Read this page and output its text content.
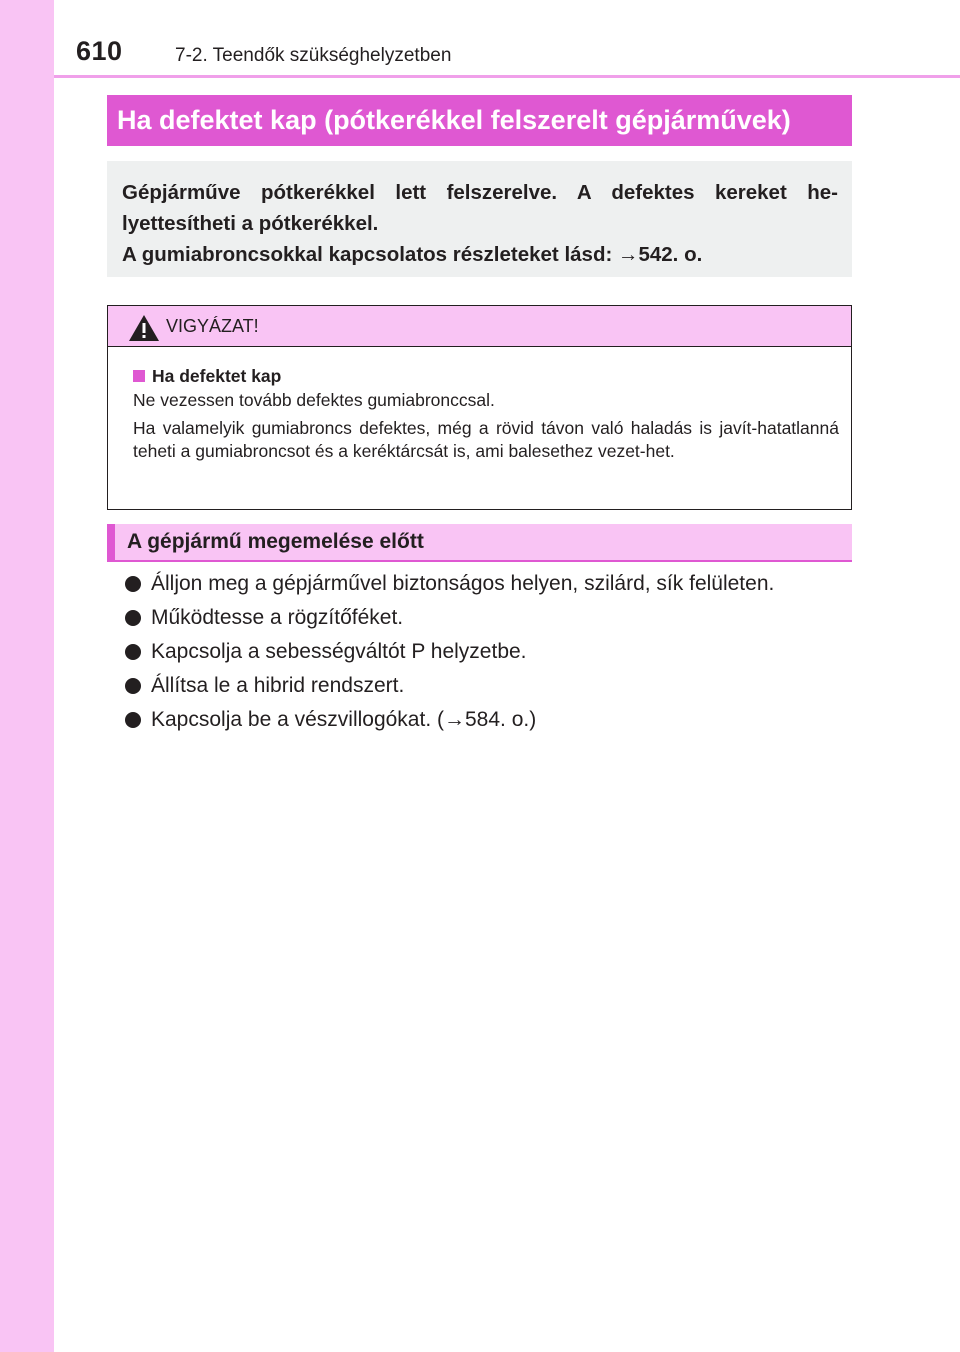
610	7-2. Teendők szükséghelyzetben
Ha defektet kap (pótkerékkel felszerelt gépjárművek)

Gépjárműve pótkerékkel lett felszerelve. A defektes kereket he-

lyettesítheti a pótkerékkel.

A gumiabroncsokkal kapcsolatos részleteket lásd: →542. o.

VIGYÁZAT!
Ha defektet kap
Ne vezessen tovább defektes gumiabronccsal.
Ha valamelyik gumiabroncs defektes, még a rövid távon való haladás is javít-hatatlanná teheti a gumiabroncsot és a keréktárcsát is, ami balesethez vezet-het.
A gépjármű megemelése előtt
Álljon meg a gépjárművel biztonságos helyen, szilárd, sík felületen.
Működtesse a rögzítőféket.
Kapcsolja a sebességváltót P helyzetbe.
Állítsa le a hibrid rendszert.
Kapcsolja be a vészvillogókat. (→584. o.)
